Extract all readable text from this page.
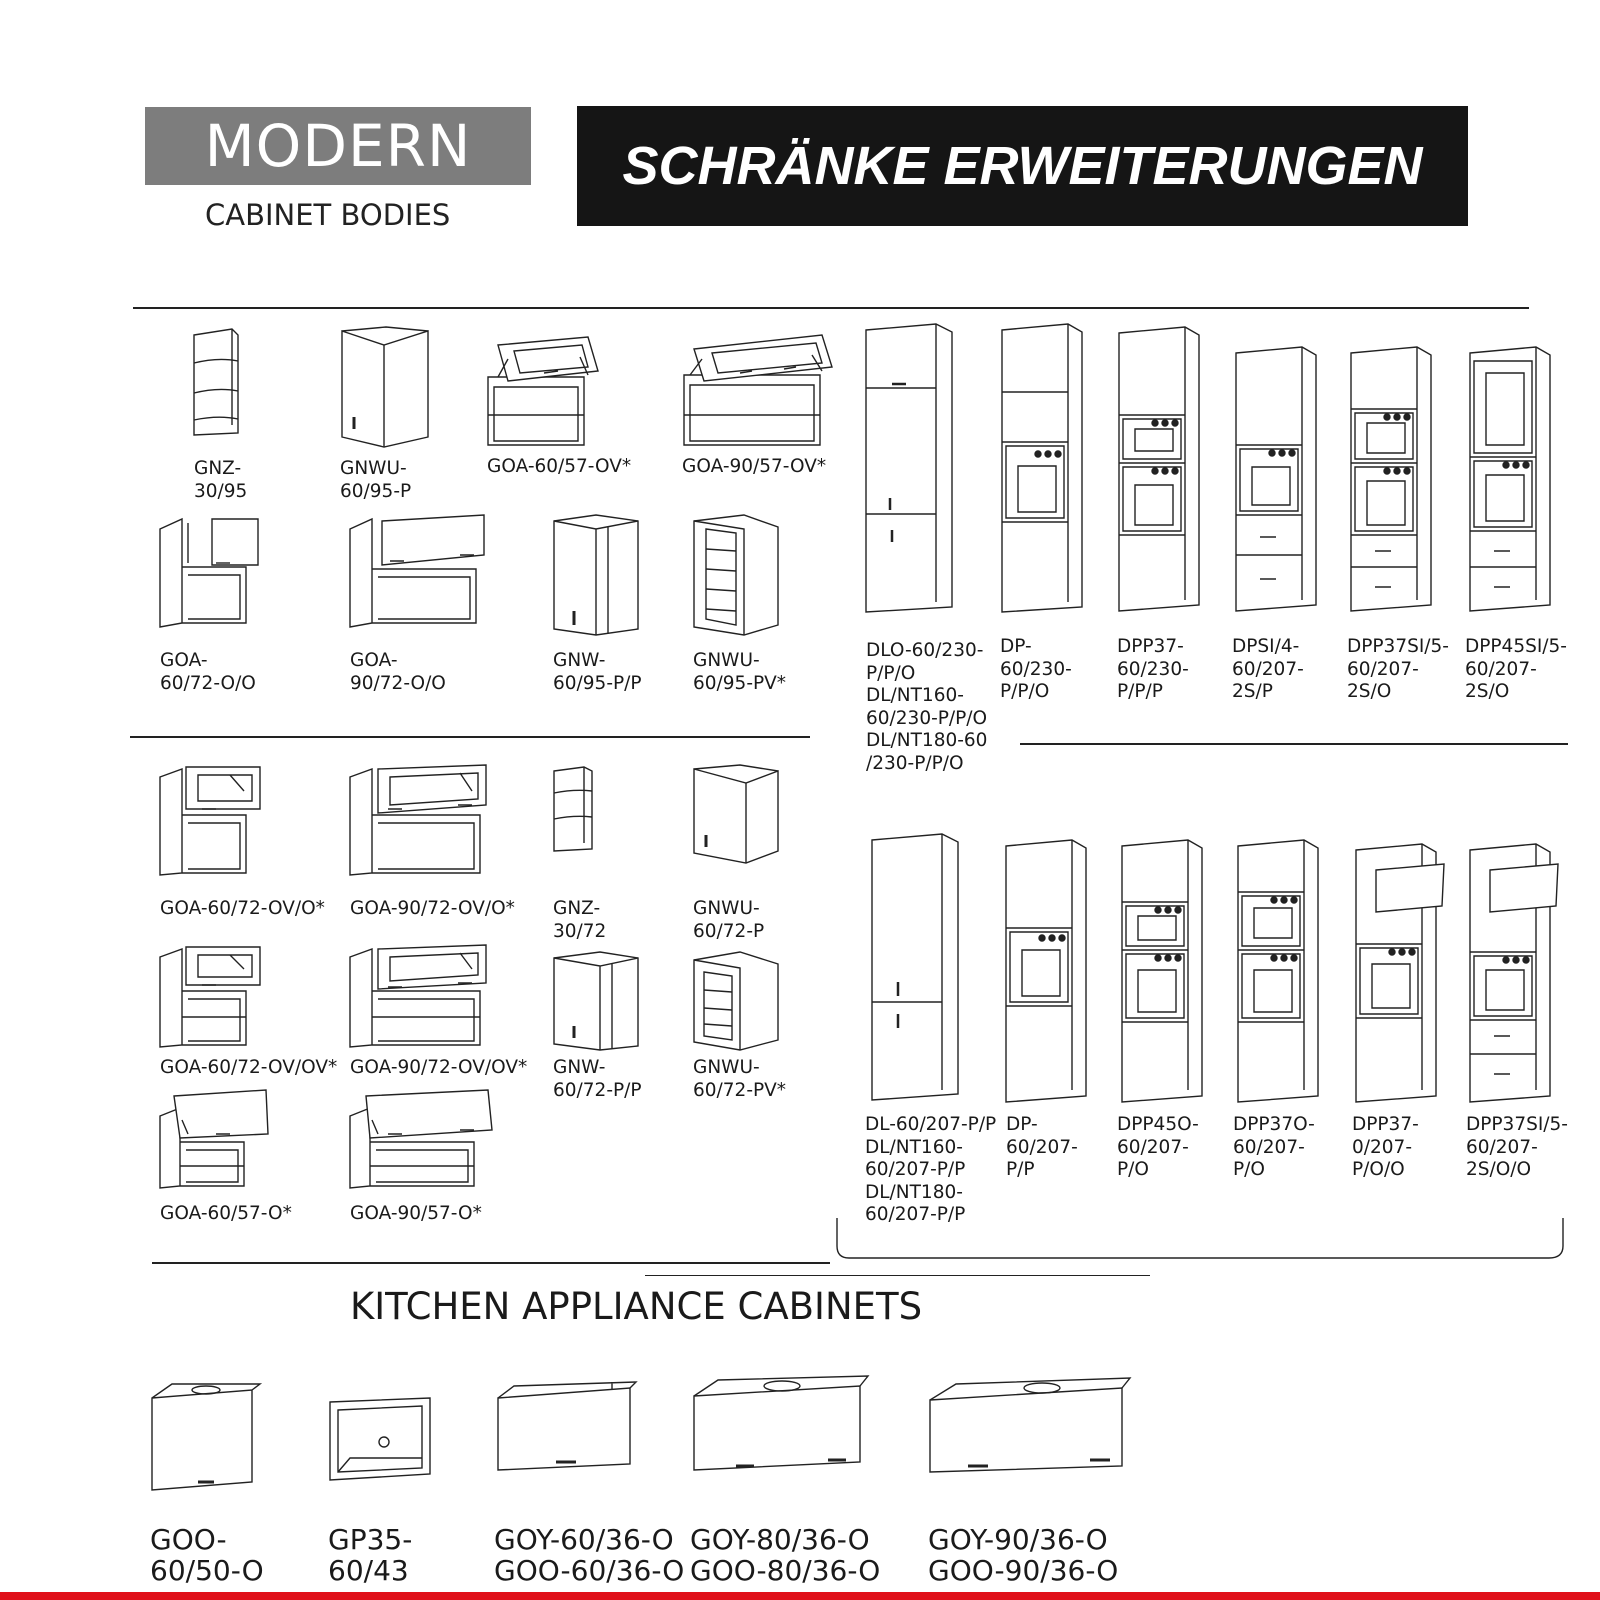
MODERN
CABINET BODIES
SCHRÄNKE ERWEITERUNGEN
GNZ-
30/95
GNWU-
60/95-P
GOA-60/57-OV*	GOA-90/57-OV*
GOA-
60/72-O/O
GOA-
90/72-O/O
GNW-
60/95-P/P
GNWU-
60/95-PV*
GOA-60/72-OV/O* GOA-90/72-OV/O* GNZ-
30/72
GNWU-
60/72-P
GOA-60/72-OV/OV* GOA-90/72-OV/OV* GNW-
60/72-P/P
GNWU-
60/72-PV*
GOA-60/57-O*	GOA-90/57-O*
DLO-60/230-
P/P/O
DL/NT160-
60/230-P/P/O
DL/NT180-60
/230-P/P/O
DP-
60/230-
P/P/O
DPP37-
60/230-
P/P/P
DPSI/4-
60/207-
2S/P
DPP37SI/5-
60/207-
2S/O
DPP45SI/5-
60/207-
2S/O
DL-60/207-P/P
DL/NT160-
60/207-P/P
DL/NT180-
60/207-P/P
DP-
60/207-
P/P
DPP45O-
60/207-
P/O
DPP37O-
60/207-
P/O
DPP37-
0/207-
P/O/O
DPP37SI/5-
60/207-
2S/O/O
KITCHEN APPLIANCE CABINETS
GOO-
60/50-O
GP35-
60/43
GOY-60/36-O
GOO-60/36-O
GOY-80/36-O
GOO-80/36-O
GOY-90/36-O
GOO-90/36-O
